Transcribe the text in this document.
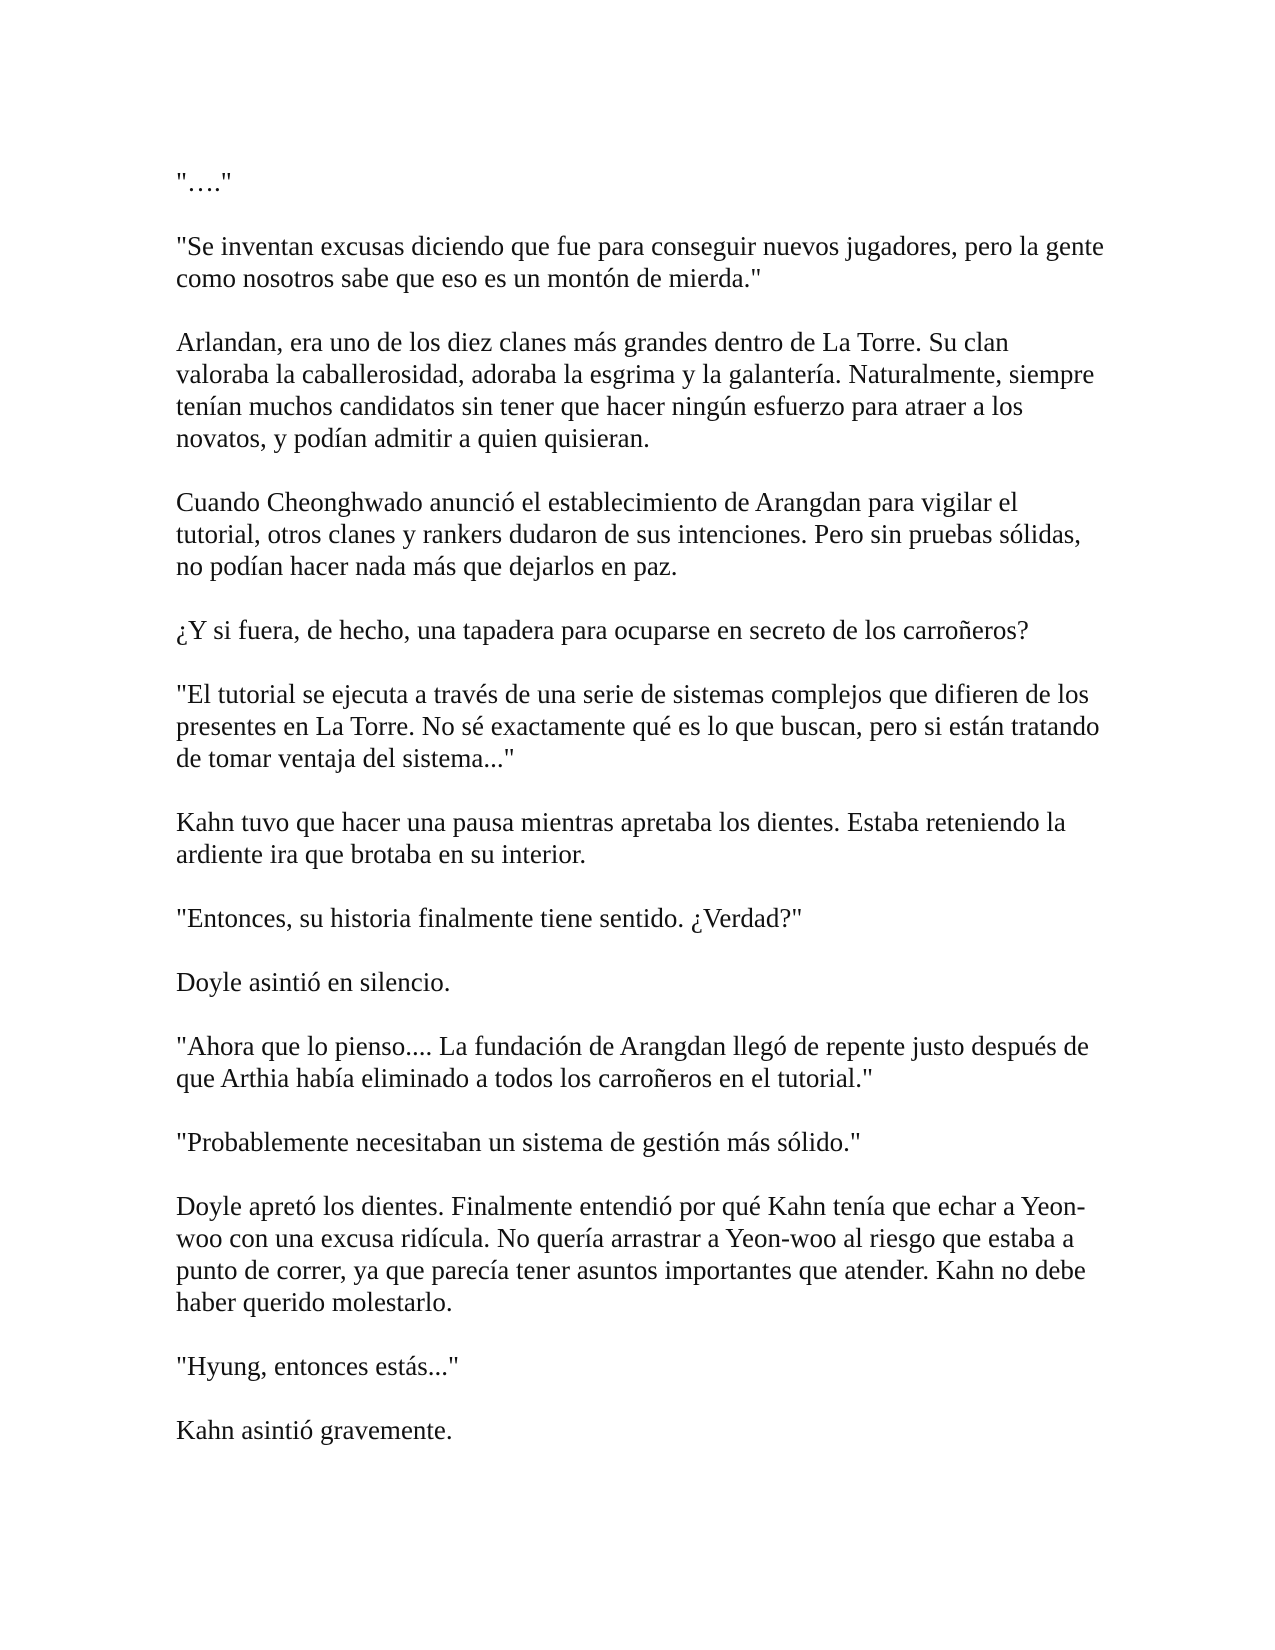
"…."

"Se inventan excusas diciendo que fue para conseguir nuevos jugadores, pero la gente como nosotros sabe que eso es un montón de mierda."

Arlandan, era uno de los diez clanes más grandes dentro de La Torre. Su clan valoraba la caballerosidad, adoraba la esgrima y la galantería. Naturalmente, siempre tenían muchos candidatos sin tener que hacer ningún esfuerzo para atraer a los novatos, y podían admitir a quien quisieran.

Cuando Cheonghwado anunció el establecimiento de Arangdan para vigilar el tutorial, otros clanes y rankers dudaron de sus intenciones. Pero sin pruebas sólidas, no podían hacer nada más que dejarlos en paz.

¿Y si fuera, de hecho, una tapadera para ocuparse en secreto de los carroñeros?

"El tutorial se ejecuta a través de una serie de sistemas complejos que difieren de los presentes en La Torre. No sé exactamente qué es lo que buscan, pero si están tratando de tomar ventaja del sistema..."

Kahn tuvo que hacer una pausa mientras apretaba los dientes. Estaba reteniendo la ardiente ira que brotaba en su interior.

"Entonces, su historia finalmente tiene sentido. ¿Verdad?"

Doyle asintió en silencio.

"Ahora que lo pienso.... La fundación de Arangdan llegó de repente justo después de que Arthia había eliminado a todos los carroñeros en el tutorial."

"Probablemente necesitaban un sistema de gestión más sólido."

Doyle apretó los dientes. Finalmente entendió por qué Kahn tenía que echar a Yeon-woo con una excusa ridícula. No quería arrastrar a Yeon-woo al riesgo que estaba a punto de correr, ya que parecía tener asuntos importantes que atender. Kahn no debe haber querido molestarlo.

"Hyung, entonces estás..."

Kahn asintió gravemente.
